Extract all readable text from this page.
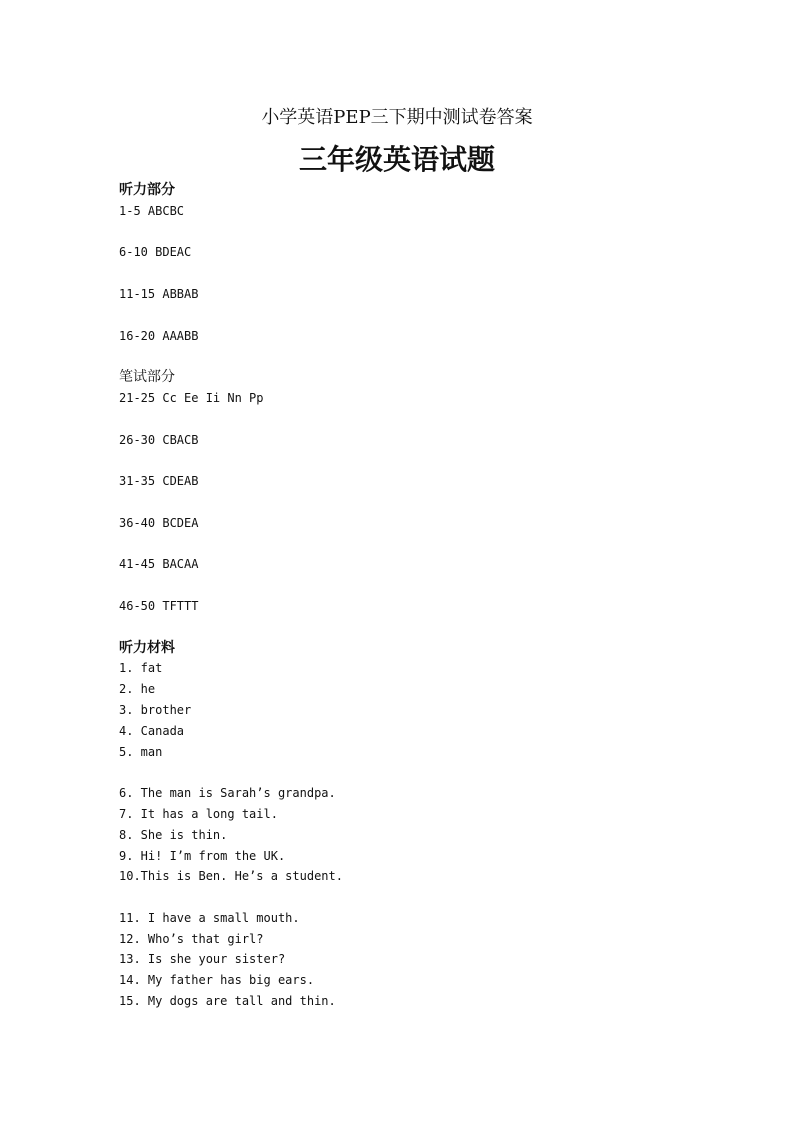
小学英语PEP三下期中测试卷答案
三年级英语试题
听力部分
1-5 ABCBC
6-10 BDEAC
11-15 ABBAB
16-20 AAABB
笔试部分
21-25 Cc Ee Ii Nn Pp
26-30 CBACB
31-35 CDEAB
36-40 BCDEA
41-45 BACAA
46-50 TFTTT
听力材料
1. fat
2. he
3. brother
4. Canada
5. man
6. The man is Sarah’s grandpa.
7. It has a long tail.
8. She is thin.
9. Hi! I’m from the UK.
10.This is Ben. He’s a student.
11. I have a small mouth.
12. Who’s that girl?
13. Is she your sister?
14. My father has big ears.
15. My dogs are tall and thin.
